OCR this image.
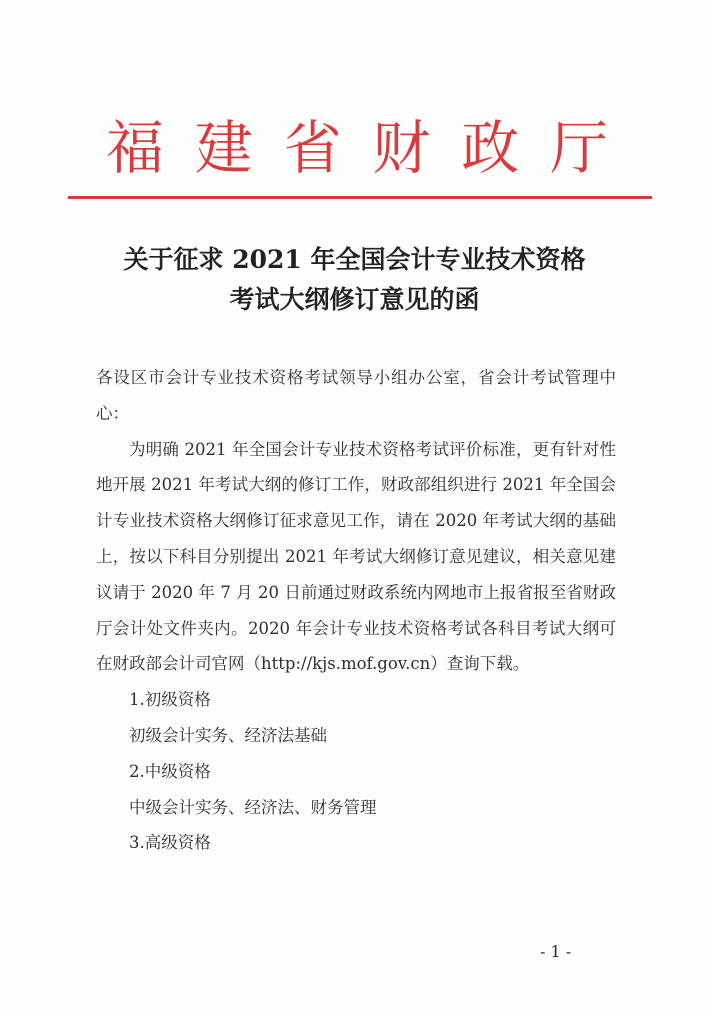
福 建 省 财 政 厅
关于征求 2021 年全国会计专业技术资格
考试大纲修订意见的函

各设区市会计专业技术资格考试领导小组办公室，省会计考试管理中心：

为明确 2021 年全国会计专业技术资格考试评价标准，更有针对性地开展 2021 年考试大纲的修订工作，财政部组织进行 2021 年全国会计专业技术资格大纲修订征求意见工作，请在 2020 年考试大纲的基础上，按以下科目分别提出 2021 年考试大纲修订意见建议，相关意见建议请于 2020 年 7 月 20 日前通过财政系统内网地市上报省报至省财政厅会计处文件夹内。2020 年会计专业技术资格考试各科目考试大纲可在财政部会计司官网（http://kjs.mof.gov.cn）查询下载。

1.初级资格

初级会计实务、经济法基础

2.中级资格

中级会计实务、经济法、财务管理

3.高级资格

- 1 -
